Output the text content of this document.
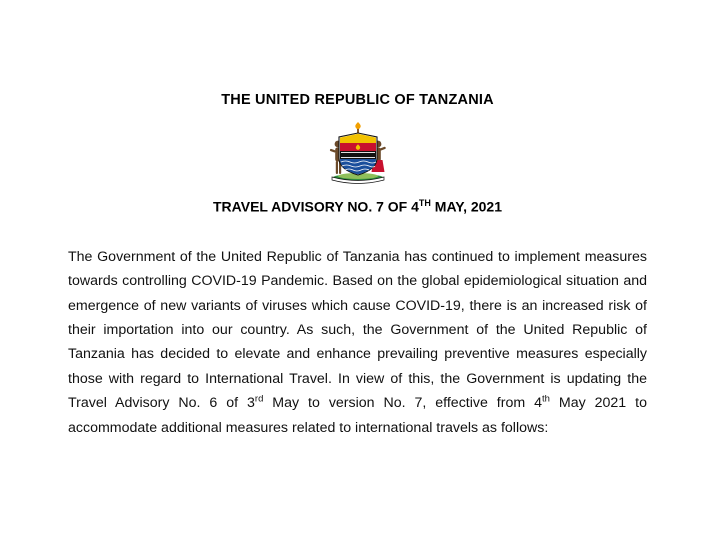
THE UNITED REPUBLIC OF TANZANIA
TRAVEL ADVISORY NO. 7 OF 4TH MAY, 2021
The Government of the United Republic of Tanzania has continued to implement measures towards controlling COVID-19 Pandemic. Based on the global epidemiological situation and emergence of new variants of viruses which cause COVID-19, there is an increased risk of their importation into our country. As such, the Government of the United Republic of Tanzania has decided to elevate and enhance prevailing preventive measures especially those with regard to International Travel. In view of this, the Government is updating the Travel Advisory No. 6 of 3rd May to version No. 7, effective from 4th May 2021 to accommodate additional measures related to international travels as follows:
